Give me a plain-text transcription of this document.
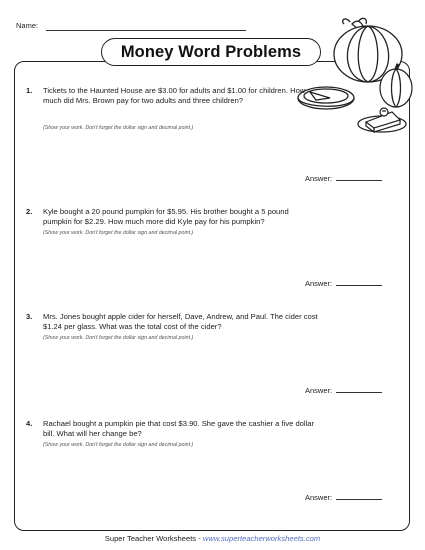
Name:
Money Word Problems
1. Tickets to the Haunted House are $3.00 for adults and $1.00 for children. How much did Mrs. Brown pay for two adults and three children?
(Show your work. Don't forget the dollar sign and decimal point.)
Answer:
2. Kyle bought a 20 pound pumpkin for $5.95. His brother bought a 5 pound pumpkin for $2.29. How much more did Kyle pay for his pumpkin?
(Show your work. Don't forget the dollar sign and decimal point.)
Answer:
3. Mrs. Jones bought apple cider for herself, Dave, Andrew, and Paul. The cider cost $1.24 per glass. What was the total cost of the cider?
(Show your work. Don't forget the dollar sign and decimal point.)
Answer:
4. Rachael bought a pumpkin pie that cost $3.90. She gave the cashier a five dollar bill. What will her change be?
(Show your work. Don't forget the dollar sign and decimal point.)
Answer:
Super Teacher Worksheets - www.superteacherworksheets.com
